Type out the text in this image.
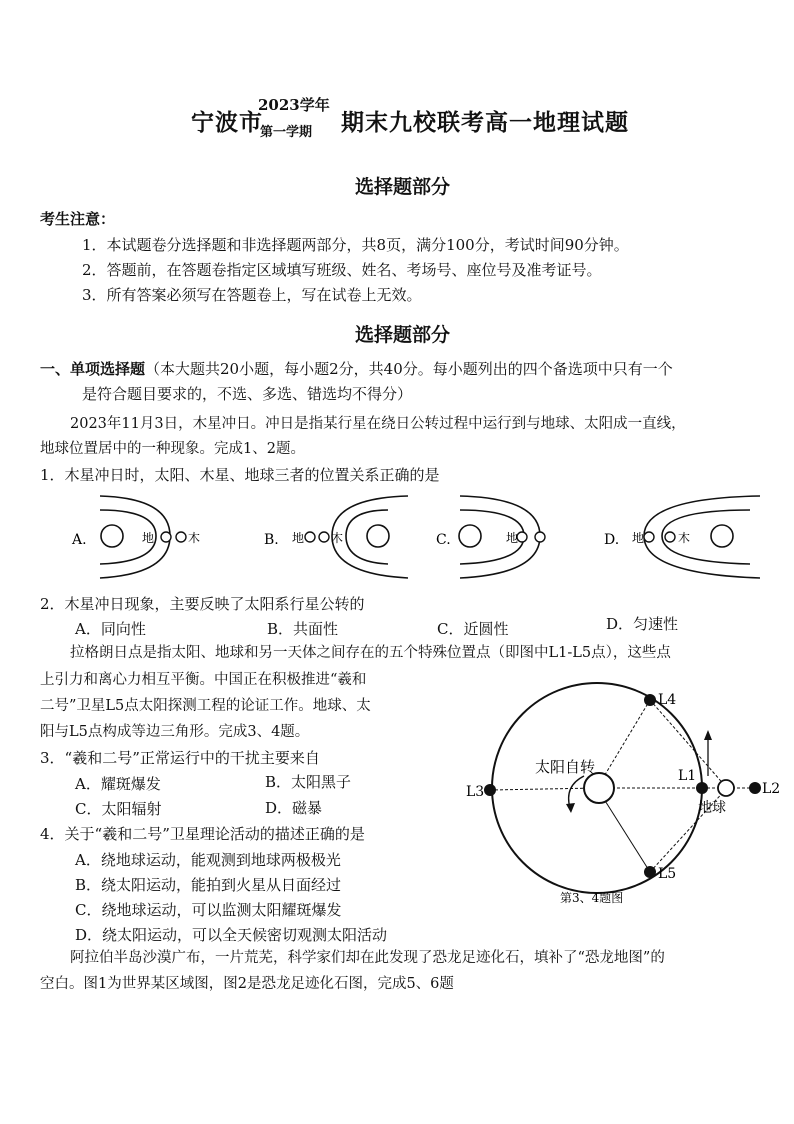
宁波市
2023学年
第一学期 期末九校联考高一地理试题
选择题部分
考生注意：
1．本试题卷分选择题和非选择题两部分，共8页，满分100分，考试时间90分钟。
2．答题前，在答题卷指定区域填写班级、姓名、考场号、座位号及准考证号。
3．所有答案必须写在答题卷上，写在试卷上无效。
选择题部分
一、单项选择题（本大题共20小题，每小题2分，共40分。每小题列出的四个备选项中只有一个
是符合题目要求的，不选、多选、错选均不得分）
2023年11月3日，木星冲日。冲日是指某行星在绕日公转过程中运行到与地球、太阳成一直线，
地球位置居中的一种现象。完成1、2题。
1．木星冲日时，太阳、木星、地球三者的位置关系正确的是
A.	地	木	B. 地 木	C.	地	D. 地	木
2．木星冲日现象，主要反映了太阳系行星公转的
A．同向性	B．共面性	C．近圆性	D．匀速性
拉格朗日点是指太阳、地球和另一天体之间存在的五个特殊位置点（即图中L1-L5点），这些点
上引力和离心力相互平衡。中国正在积极推进“羲和
二号”卫星L5点太阳探测工程的论证工作。地球、太
阳与L5点构成等边三角形。完成3、4题。
3．“羲和二号”正常运行中的干扰主要来自
A．耀斑爆发	B．太阳黑子
C．太阳辐射	D．磁暴
4．关于“羲和二号”卫星理论活动的描述正确的是
A．绕地球运动，能观测到地球两极极光
B．绕太阳运动，能拍到火星从日面经过
C．绕地球运动，可以监测太阳耀斑爆发
D．绕太阳运动，可以全天候密切观测太阳活动
太阳自转
地球
L1
L2
L3
L4
L5
第3、4题图
阿拉伯半岛沙漠广布，一片荒芜，科学家们却在此发现了恐龙足迹化石，填补了“恐龙地图”的
空白。图1为世界某区域图，图2是恐龙足迹化石图，完成5、6题
